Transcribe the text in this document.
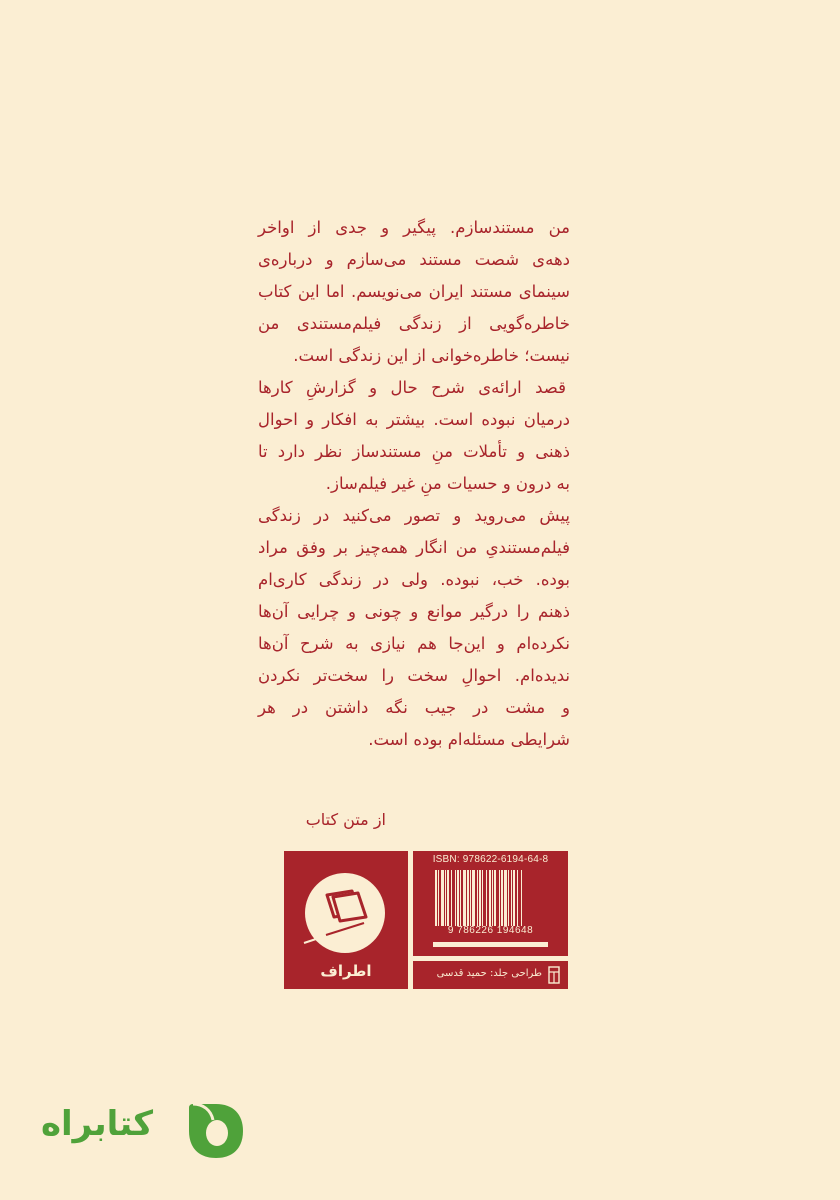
من مستندسازم. پیگیر و جدی از اواخر
دهه‌ی شصت مستند می‌سازم و درباره‌ی
سینمای مستند ایران می‌نویسم. اما این کتاب
خاطره‌گویی از زندگی فیلم‌مستندی من
نیست؛ خاطره‌خوانی از این زندگی است.
قصد ارائه‌ی شرح حال و گزارشِ کارها
درمیان نبوده است. بیشتر به افکار و احوال
ذهنی و تأملات منِ مستندساز نظر دارد تا
به درون و حسیات منِ غیر فیلم‌ساز.
پیش می‌روید و تصور می‌کنید در زندگی
فیلم‌مستندیِ من انگار همه‌چیز بر وفق مراد
بوده. خب، نبوده. ولی در زندگی کاری‌ام
ذهنم را درگیر موانع و چونی و چرایی آن‌ها
نکرده‌ام و این‌جا هم نیازی به شرح آن‌ها
ندیده‌ام. احوالِ سخت را سخت‌تر نکردن
و مشت در جیب نگه داشتن در هر
شرایطی مسئله‌ام بوده است.
از متن کتاب
اطراف
ISBN: 978622-6194-64-8
9 786226 194648
طراحی جلد: حمید قدسی
کتابراه
